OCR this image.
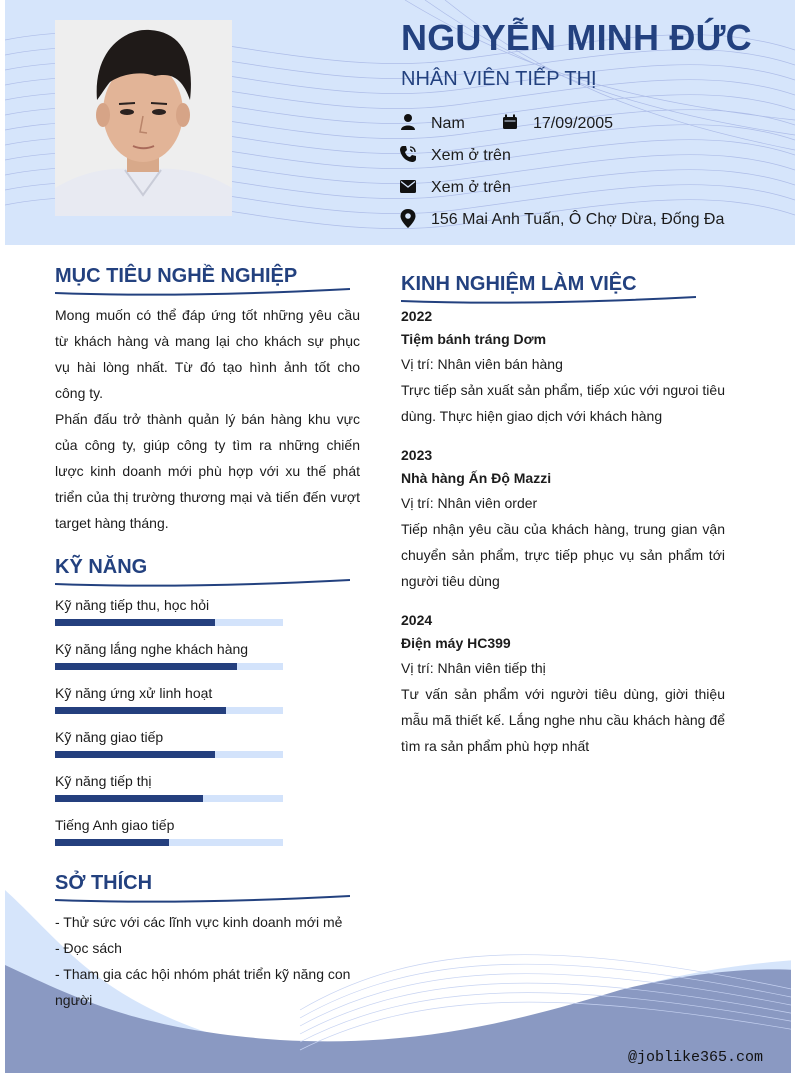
NGUYỄN MINH ĐỨC
NHÂN VIÊN TIẾP THỊ
Nam	17/09/2005
Xem ở trên
Xem ở trên
156 Mai Anh Tuấn, Ô Chợ Dừa, Đống Đa
MỤC TIÊU NGHỀ NGHIỆP
Mong muốn có thể đáp ứng tốt những yêu cầu từ khách hàng và mang lại cho khách sự phục vụ hài lòng nhất. Từ đó tạo hình ảnh tốt cho công ty.
Phấn đấu trở thành quản lý bán hàng khu vực của công ty, giúp công ty tìm ra những chiến lược kinh doanh mới phù hợp với xu thế phát triển của thị trường thương mại và tiến đến vượt target hàng tháng.
KỸ NĂNG
Kỹ năng tiếp thu, học hỏi
Kỹ năng lắng nghe khách hàng
Kỹ năng ứng xử linh hoạt
Kỹ năng giao tiếp
Kỹ năng tiếp thị
Tiếng Anh giao tiếp
SỞ THÍCH
- Thử sức với các lĩnh vực kinh doanh mới mẻ
- Đọc sách
- Tham gia các hội nhóm phát triển kỹ năng con người
KINH NGHIỆM LÀM VIỆC
2022
Tiệm bánh tráng Dơm
Vị trí: Nhân viên bán hàng
Trực tiếp sản xuất sản phẩm, tiếp xúc với ngưoi tiêu dùng. Thực hiện giao dịch với khách hàng
2023
Nhà hàng Ấn Độ Mazzi
Vị trí: Nhân viên order
Tiếp nhận yêu cầu của khách hàng, trung gian vận chuyển sản phẩm, trực tiếp phục vụ sản phẩm tới người tiêu dùng
2024
Điện máy HC399
Vị trí: Nhân viên tiếp thị
Tư vấn sản phẩm với người tiêu dùng, giời thiệu mẫu mã thiết kế. Lắng nghe nhu cầu khách hàng để tìm ra sản phẩm phù hợp nhất
@joblike365.com
